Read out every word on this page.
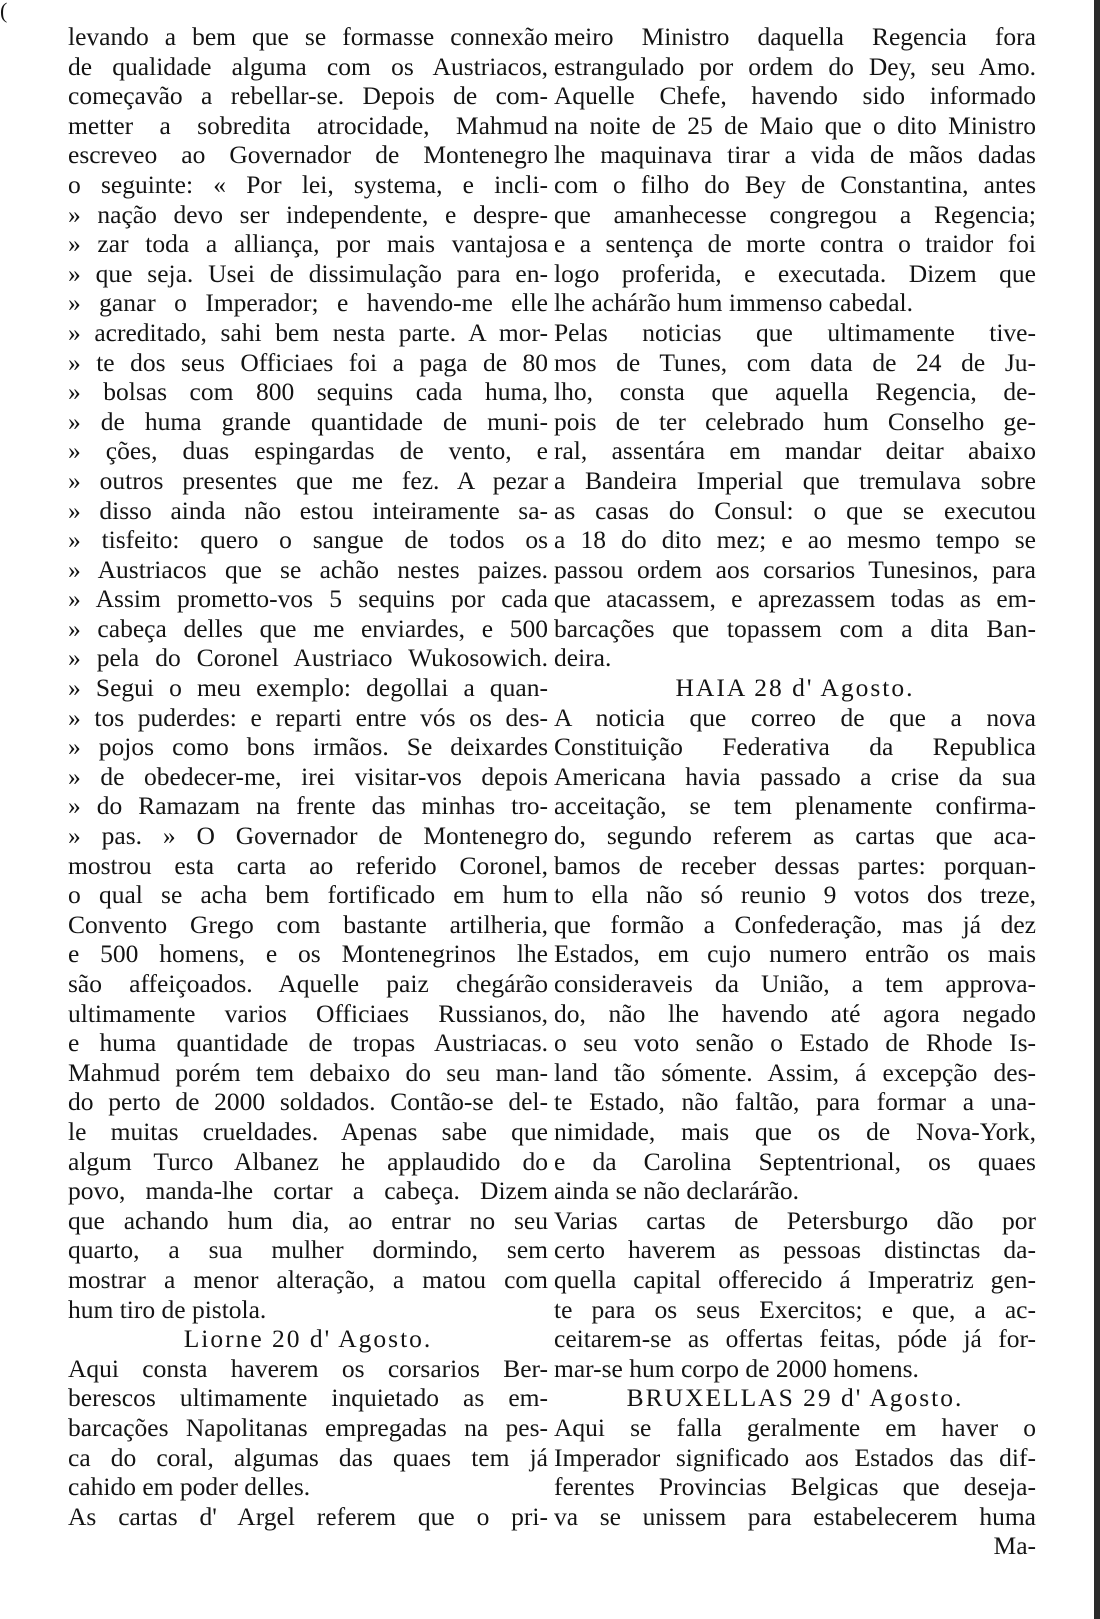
(
levando a bem que se formasse connexão
de qualidade alguma com os Austriacos,
começavão a rebellar-se. Depois de com-
metter a sobredita atrocidade, Mahmud
escreveo ao Governador de Montenegro
o seguinte: « Por lei, systema, e incli-
» nação devo ser independente, e despre-
» zar toda a alliança, por mais vantajosa
» que seja. Usei de dissimulação para en-
» ganar o Imperador; e havendo-me elle
» acreditado, sahi bem nesta parte. A mor-
» te dos seus Officiaes foi a paga de 80
» bolsas com 800 sequins cada huma,
» de huma grande quantidade de muni-
» ções, duas espingardas de vento, e
» outros presentes que me fez. A pezar
» disso ainda não estou inteiramente sa-
» tisfeito: quero o sangue de todos os
» Austriacos que se achão nestes paizes.
» Assim prometto-vos 5 sequins por cada
» cabeça delles que me enviardes, e 500
» pela do Coronel Austriaco Wukosowich.
» Segui o meu exemplo: degollai a quan-
» tos puderdes: e reparti entre vós os des-
» pojos como bons irmãos. Se deixardes
» de obedecer-me, irei visitar-vos depois
» do Ramazam na frente das minhas tro-
» pas. » O Governador de Montenegro
mostrou esta carta ao referido Coronel,
o qual se acha bem fortificado em hum
Convento Grego com bastante artilheria,
e 500 homens, e os Montenegrinos lhe
são affeiçoados. Aquelle paiz chegárão
ultimamente varios Officiaes Russianos,
e huma quantidade de tropas Austriacas.
Mahmud porém tem debaixo do seu man-
do perto de 2000 soldados. Contão-se del-
le muitas crueldades. Apenas sabe que
algum Turco Albanez he applaudido do
povo, manda-lhe cortar a cabeça. Dizem
que achando hum dia, ao entrar no seu
quarto, a sua mulher dormindo, sem
mostrar a menor alteração, a matou com
hum tiro de pistola.
Liorne 20 d' Agosto.
Aqui consta haverem os corsarios Ber-
berescos ultimamente inquietado as em-
barcações Napolitanas empregadas na pes-
ca do coral, algumas das quaes tem já
cahido em poder delles.
As cartas d' Argel referem que o pri-
meiro Ministro daquella Regencia fora
estrangulado por ordem do Dey, seu Amo.
Aquelle Chefe, havendo sido informado
na noite de 25 de Maio que o dito Ministro
lhe maquinava tirar a vida de mãos dadas
com o filho do Bey de Constantina, antes
que amanhecesse congregou a Regencia;
e a sentença de morte contra o traidor foi
logo proferida, e executada. Dizem que
lhe achárão hum immenso cabedal.
Pelas noticias que ultimamente tive-
mos de Tunes, com data de 24 de Ju-
lho, consta que aquella Regencia, de-
pois de ter celebrado hum Conselho ge-
ral, assentára em mandar deitar abaixo
a Bandeira Imperial que tremulava sobre
as casas do Consul: o que se executou
a 18 do dito mez; e ao mesmo tempo se
passou ordem aos corsarios Tunesinos, para
que atacassem, e aprezassem todas as em-
barcações que topassem com a dita Ban-
deira.
HAIA 28 d' Agosto.
A noticia que correo de que a nova
Constituição Federativa da Republica
Americana havia passado a crise da sua
acceitação, se tem plenamente confirma-
do, segundo referem as cartas que aca-
bamos de receber dessas partes: porquan-
to ella não só reunio 9 votos dos treze,
que formão a Confederação, mas já dez
Estados, em cujo numero entrão os mais
consideraveis da União, a tem approva-
do, não lhe havendo até agora negado
o seu voto senão o Estado de Rhode Is-
land tão sómente. Assim, á excepção des-
te Estado, não faltão, para formar a una-
nimidade, mais que os de Nova-York,
e da Carolina Septentrional, os quaes
ainda se não declarárão.
Varias cartas de Petersburgo dão por
certo haverem as pessoas distinctas da-
quella capital offerecido á Imperatriz gen-
te para os seus Exercitos; e que, a ac-
ceitarem-se as offertas feitas, póde já for-
mar-se hum corpo de 2000 homens.
BRUXELLAS 29 d' Agosto.
Aqui se falla geralmente em haver o
Imperador significado aos Estados das dif-
ferentes Provincias Belgicas que deseja-
va se unissem para estabelecerem huma
Ma-
